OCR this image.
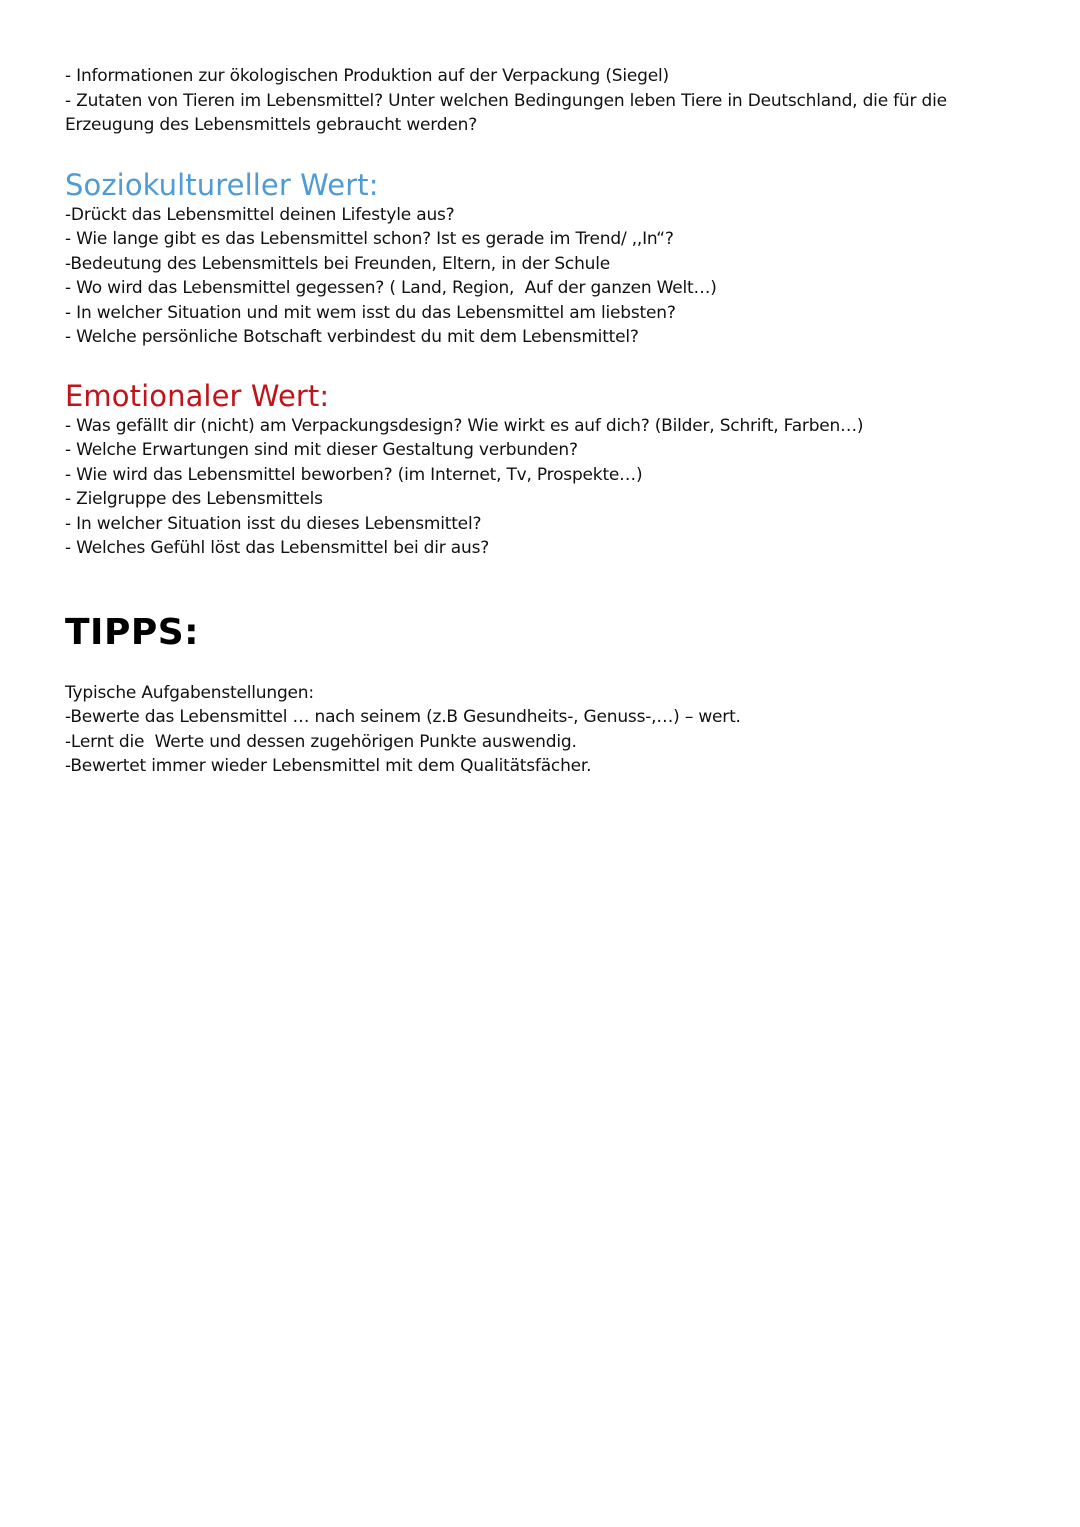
- Informationen zur ökologischen Produktion auf der Verpackung (Siegel)
- Zutaten von Tieren im Lebensmittel? Unter welchen Bedingungen leben Tiere in Deutschland, die für die
Erzeugung des Lebensmittels gebraucht werden?
Soziokultureller Wert:
-Drückt das Lebensmittel deinen Lifestyle aus?
- Wie lange gibt es das Lebensmittel schon? Ist es gerade im Trend/ ,,In“?
-Bedeutung des Lebensmittels bei Freunden, Eltern, in der Schule
- Wo wird das Lebensmittel gegessen? ( Land, Region,  Auf der ganzen Welt…)
- In welcher Situation und mit wem isst du das Lebensmittel am liebsten?
- Welche persönliche Botschaft verbindest du mit dem Lebensmittel?
Emotionaler Wert:
- Was gefällt dir (nicht) am Verpackungsdesign? Wie wirkt es auf dich? (Bilder, Schrift, Farben…)
- Welche Erwartungen sind mit dieser Gestaltung verbunden?
- Wie wird das Lebensmittel beworben? (im Internet, Tv, Prospekte…)
- Zielgruppe des Lebensmittels
- In welcher Situation isst du dieses Lebensmittel?
- Welches Gefühl löst das Lebensmittel bei dir aus?
TIPPS:
Typische Aufgabenstellungen:
-Bewerte das Lebensmittel … nach seinem (z.B Gesundheits-, Genuss-,…) – wert.
-Lernt die  Werte und dessen zugehörigen Punkte auswendig.
-Bewertet immer wieder Lebensmittel mit dem Qualitätsfächer.
